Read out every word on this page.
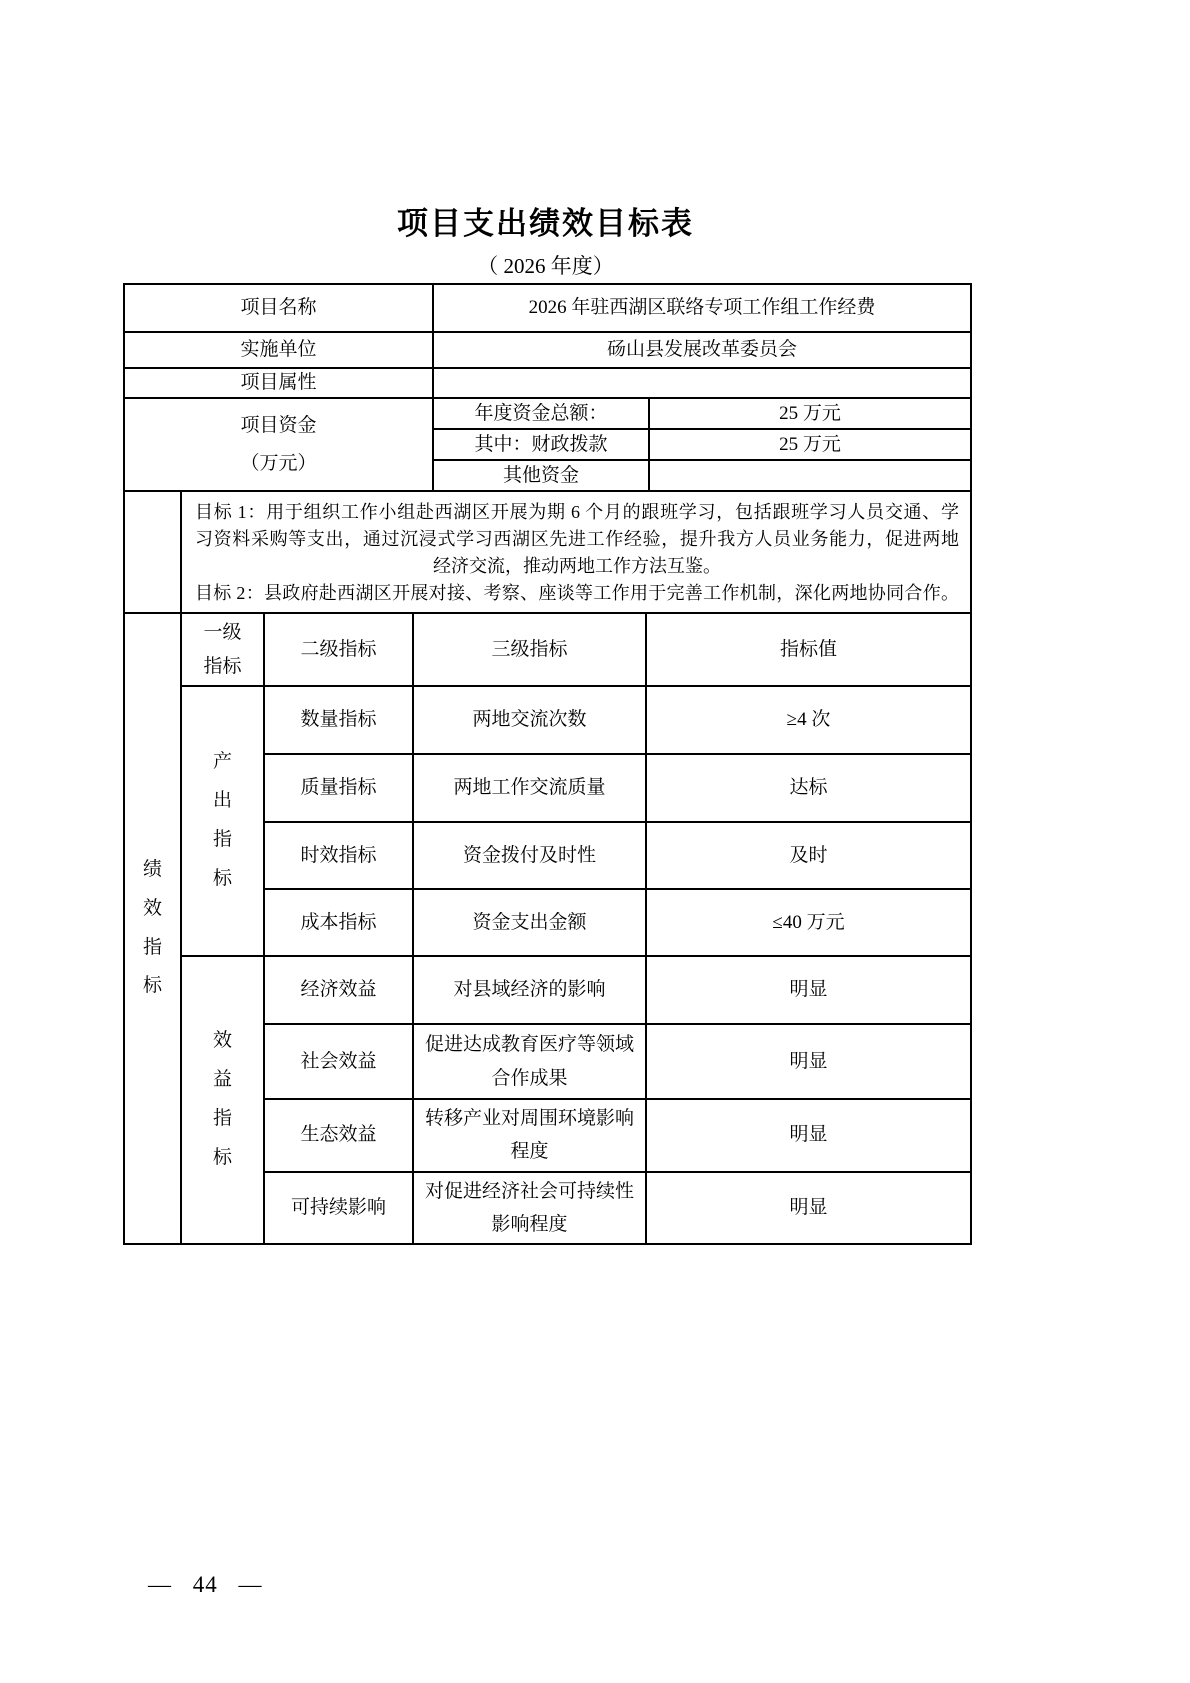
项目支出绩效目标表
（ 2026 年度）
项目名称	2026 年驻西湖区联络专项工作组工作经费	
实施单位	砀山县发展改革委员会	
项目属性		

项目资金
（万元）	年度资金总额：	25 万元
	其中：财政拨款	25 万元
	其他资金	

目标 1：用于组织工作小组赴西湖区开展为期 6 个月的跟班学习，包括跟班学习人员交通、学
习资料采购等支出，通过沉浸式学习西湖区先进工作经验，提升我方人员业务能力，促进两地
经济交流，推动两地工作方法互鉴。
目标 2：县政府赴西湖区开展对接、考察、座谈等工作用于完善工作机制，深化两地协同合作。
绩效指标	一级指标	二级指标	三级指标	指标值

	产出指标	数量指标	两地交流次数	≥4 次
		质量指标	两地工作交流质量	达标
		时效指标	资金拨付及时性	及时
		成本指标	资金支出金额	≤40 万元

	效益指标	经济效益	对县域经济的影响	明显
		社会效益	促进达成教育医疗等领域合作成果	明显
		生态效益	转移产业对周围环境影响程度	明显
		可持续影响	对促进经济社会可持续性影响程度	明显
— 44 —
